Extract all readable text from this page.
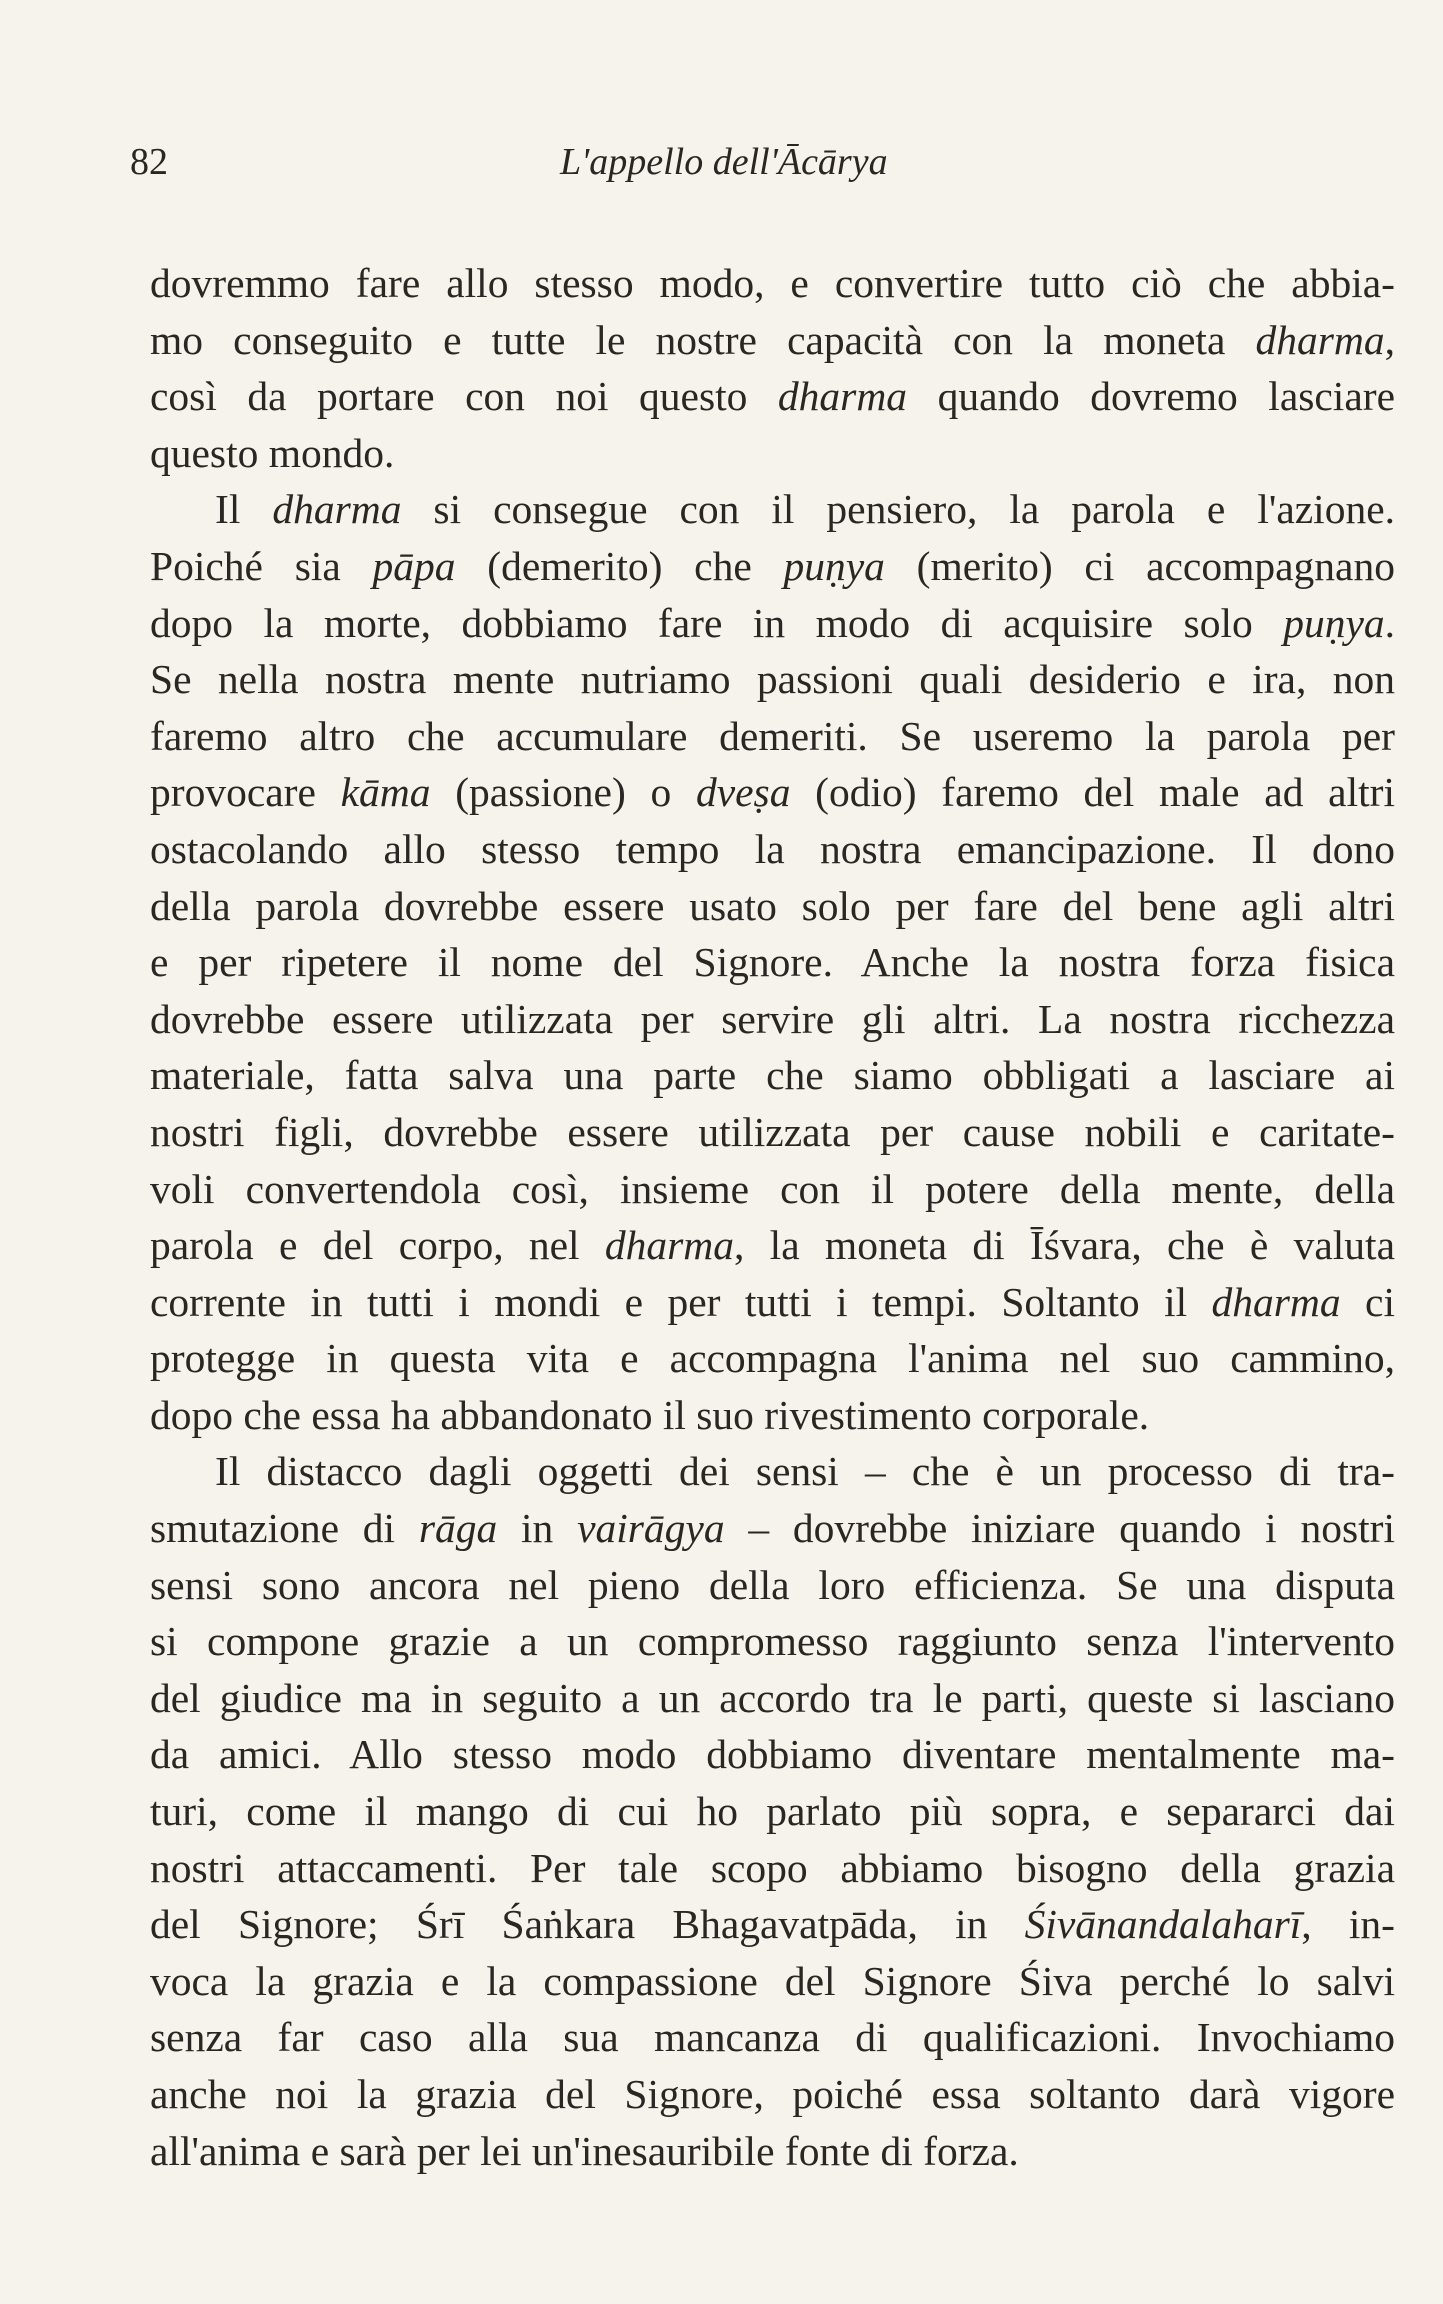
82	L'appello dell'Ācārya
dovremmo fare allo stesso modo, e convertire tutto ciò che abbia-
mo conseguito e tutte le nostre capacità con la moneta dharma,
così da portare con noi questo dharma quando dovremo lasciare
questo mondo.
Il dharma si consegue con il pensiero, la parola e l'azione.
Poiché sia pāpa (demerito) che puṇya (merito) ci accompagnano
dopo la morte, dobbiamo fare in modo di acquisire solo puṇya.
Se nella nostra mente nutriamo passioni quali desiderio e ira, non
faremo altro che accumulare demeriti. Se useremo la parola per
provocare kāma (passione) o dveṣa (odio) faremo del male ad altri
ostacolando allo stesso tempo la nostra emancipazione. Il dono
della parola dovrebbe essere usato solo per fare del bene agli altri
e per ripetere il nome del Signore. Anche la nostra forza fisica
dovrebbe essere utilizzata per servire gli altri. La nostra ricchezza
materiale, fatta salva una parte che siamo obbligati a lasciare ai
nostri figli, dovrebbe essere utilizzata per cause nobili e caritate-
voli convertendola così, insieme con il potere della mente, della
parola e del corpo, nel dharma, la moneta di Īśvara, che è valuta
corrente in tutti i mondi e per tutti i tempi. Soltanto il dharma ci
protegge in questa vita e accompagna l'anima nel suo cammino,
dopo che essa ha abbandonato il suo rivestimento corporale.
Il distacco dagli oggetti dei sensi – che è un processo di tra-
smutazione di rāga in vairāgya – dovrebbe iniziare quando i nostri
sensi sono ancora nel pieno della loro efficienza. Se una disputa
si compone grazie a un compromesso raggiunto senza l'intervento
del giudice ma in seguito a un accordo tra le parti, queste si lasciano
da amici. Allo stesso modo dobbiamo diventare mentalmente ma-
turi, come il mango di cui ho parlato più sopra, e separarci dai
nostri attaccamenti. Per tale scopo abbiamo bisogno della grazia
del Signore; Śrī Śaṅkara Bhagavatpāda, in Śivānandalaharī, in-
voca la grazia e la compassione del Signore Śiva perché lo salvi
senza far caso alla sua mancanza di qualificazioni. Invochiamo
anche noi la grazia del Signore, poiché essa soltanto darà vigore
all'anima e sarà per lei un'inesauribile fonte di forza.
